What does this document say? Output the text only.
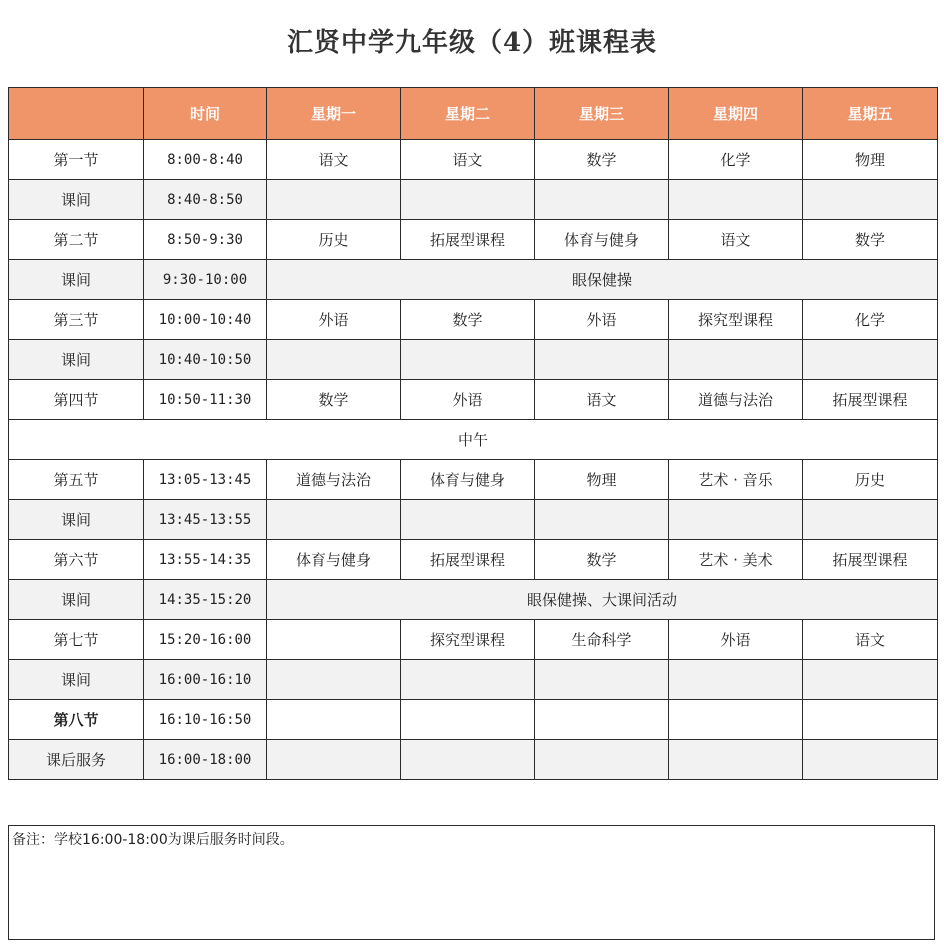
汇贤中学九年级（4）班课程表
	时间	星期一	星期二	星期三	星期四	星期五
第一节	8:00-8:40	语文	语文	数学	化学	物理
课间	8:40-8:50					
第二节	8:50-9:30	历史	拓展型课程	体育与健身	语文	数学
课间	9:30-10:00	眼保健操				
第三节	10:00-10:40	外语	数学	外语	探究型课程	化学
课间	10:40-10:50					
第四节	10:50-11:30	数学	外语	语文	道德与法治	拓展型课程
中午						
第五节	13:05-13:45	道德与法治	体育与健身	物理	艺术 · 音乐	历史
课间	13:45-13:55					
第六节	13:55-14:35	体育与健身	拓展型课程	数学	艺术 · 美术	拓展型课程
课间	14:35-15:20	眼保健操、大课间活动				
第七节	15:20-16:00		探究型课程	生命科学	外语	语文
课间	16:00-16:10					
第八节	16:10-16:50					
课后服务	16:00-18:00					
备注：学校16:00-18:00为课后服务时间段。
